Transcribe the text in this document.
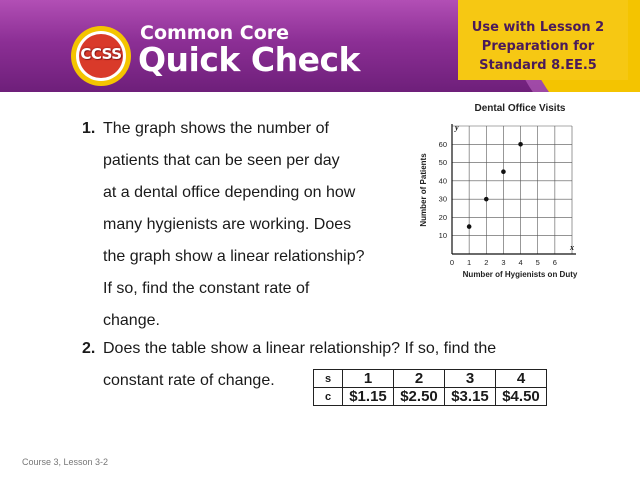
CCSS
Common Core
Quick Check
Use with Lesson 2
Preparation for
Standard 8.EE.5
1. The graph shows the number of
patients that can be seen per day
at a dental office depending on how
many hygienists are working. Does
the graph show a linear relationship?
If so, find the constant rate of
change.
Dental Office Visits
0 1 2 3 4 5 6
10
20
30
40
50
60
x
y
Number of Hygienists on Duty
Number of Patients
2. Does the table show a linear relationship? If so, find the
constant rate of change.	s	1	2	3	4
c	$1.15	$2.50	$3.15	$4.50
Course 3, Lesson 3-2
